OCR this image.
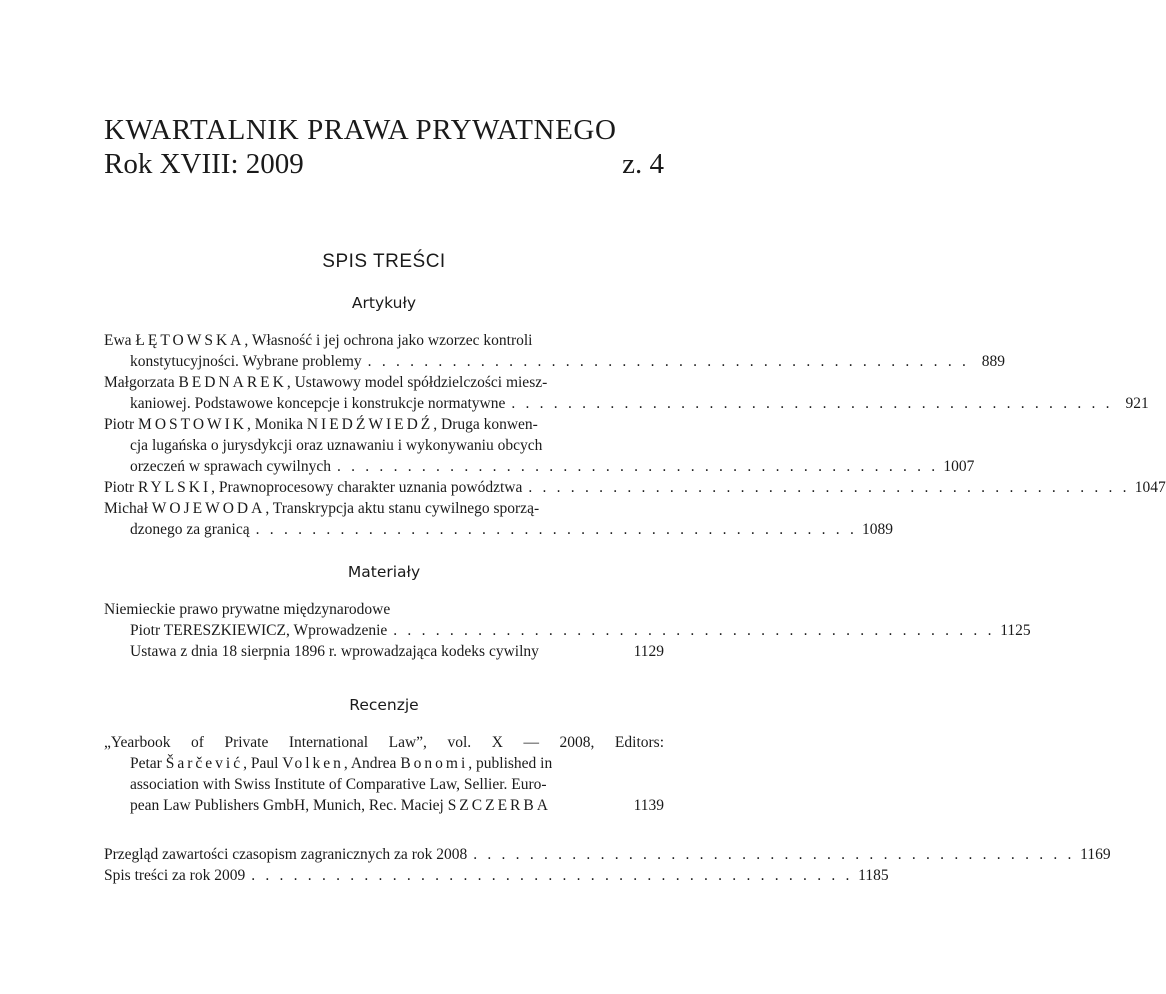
KWARTALNIK PRAWA PRYWATNEGO
Rok XVIII: 2009	z. 4
SPIS TREŚCI
Artykuły
Ewa ŁĘTOWSKA, Własność i jej ochrona jako wzorzec kontroli
konstytucyjności. Wybrane problemy . . . . . . . . . . . . . . . . . . . . . . . . . . . . . . . . . . . . . . . . . . . 889
Małgorzata BEDNAREK, Ustawowy model spółdzielczości miesz-
kaniowej. Podstawowe koncepcje i konstrukcje normatywne . . . . . . . . . . . . . . . . . . . . . . . . . . . . . . . . . . . . . . . . . . . 921
Piotr MOSTOWIK, Monika NIEDŹWIEDŹ, Druga konwen-
cja lugańska o jurysdykcji oraz uznawaniu i wykonywaniu obcych
orzeczeń w sprawach cywilnych . . . . . . . . . . . . . . . . . . . . . . . . . . . . . . . . . . . . . . . . . . . 1007
Piotr RYLSKI, Prawnoprocesowy charakter uznania powództwa . . . . . . . . . . . . . . . . . . . . . . . . . . . . . . . . . . . . . . . . . . . 1047
Michał WOJEWODA, Transkrypcja aktu stanu cywilnego sporzą-
dzonego za granicą . . . . . . . . . . . . . . . . . . . . . . . . . . . . . . . . . . . . . . . . . . . 1089
Materiały
Niemieckie prawo prywatne międzynarodowe
Piotr TERESZKIEWICZ, Wprowadzenie . . . . . . . . . . . . . . . . . . . . . . . . . . . . . . . . . . . . . . . . . . . 1125
Ustawa z dnia 18 sierpnia 1896 r. wprowadzająca kodeks cywilny	1129
Recenzje
„Yearbook of Private International Law”, vol. X — 2008, Editors:
Petar Šarčević, Paul Volken, Andrea Bonomi, published in
association with Swiss Institute of Comparative Law, Sellier. Euro-
pean Law Publishers GmbH, Munich, Rec. Maciej SZCZERBA	1139
Przegląd zawartości czasopism zagranicznych za rok 2008 . . . . . . . . . . . . . . . . . . . . . . . . . . . . . . . . . . . . . . . . . . . 1169
Spis treści za rok 2009 . . . . . . . . . . . . . . . . . . . . . . . . . . . . . . . . . . . . . . . . . . . 1185
